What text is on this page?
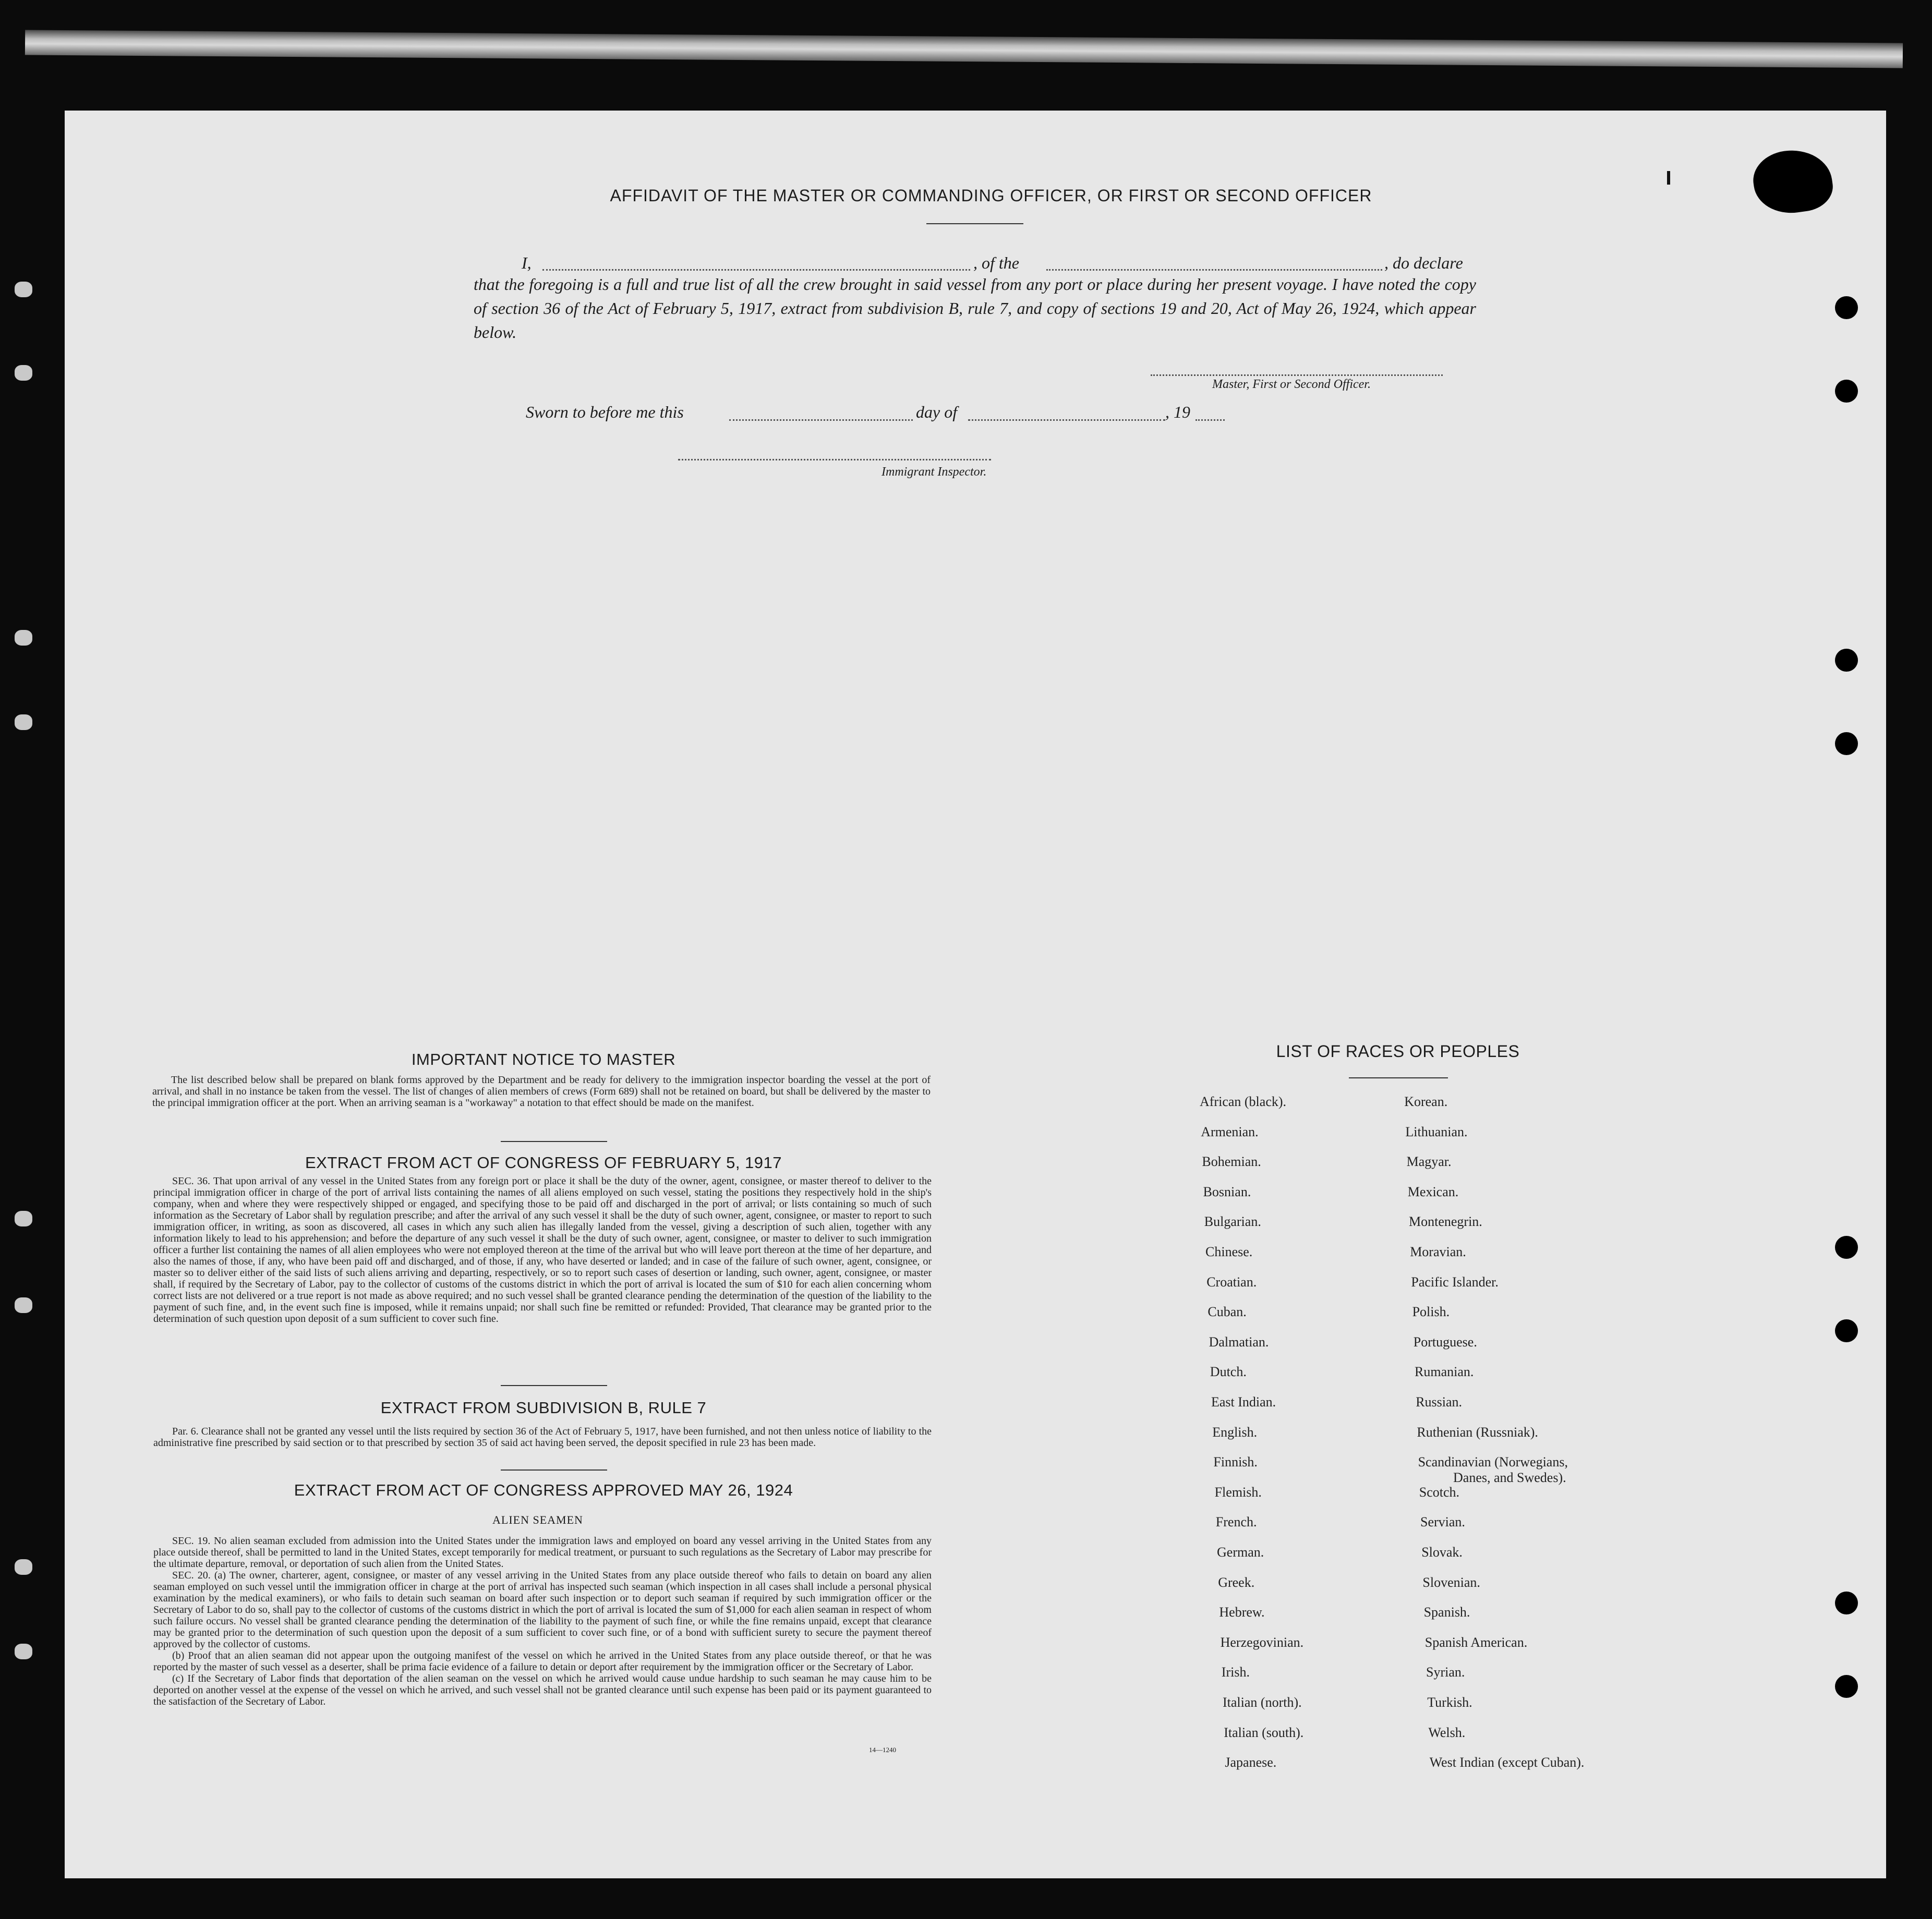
AFFIDAVIT OF THE MASTER OR COMMANDING OFFICER, OR FIRST OR SECOND OFFICER
I,	, of the	, do declare
that the foregoing is a full and true list of all the crew brought in said vessel from any port or place during her present voyage. I have noted the copy of section 36 of the Act of February 5, 1917, extract from subdivision B, rule 7, and copy of sections 19 and 20, Act of May 26, 1924, which appear below.
Master, First or Second Officer.
Sworn to before me this	day of	, 19
Immigrant Inspector.
IMPORTANT NOTICE TO MASTER

The list described below shall be prepared on blank forms approved by the Department and be ready for delivery to the immigration inspector boarding the vessel at the port of arrival, and shall in no instance be taken from the vessel. The list of changes of alien members of crews (Form 689) shall not be retained on board, but shall be delivered by the master to the principal immigration officer at the port. When an arriving seaman is a "workaway" a notation to that effect should be made on the manifest.

EXTRACT FROM ACT OF CONGRESS OF FEBRUARY 5, 1917

SEC. 36. That upon arrival of any vessel in the United States from any foreign port or place it shall be the duty of the owner, agent, consignee, or master thereof to deliver to the principal immigration officer in charge of the port of arrival lists containing the names of all aliens employed on such vessel, stating the positions they respectively hold in the ship's company, when and where they were respectively shipped or engaged, and specifying those to be paid off and discharged in the port of arrival; or lists containing so much of such information as the Secretary of Labor shall by regulation prescribe; and after the arrival of any such vessel it shall be the duty of such owner, agent, consignee, or master to report to such immigration officer, in writing, as soon as discovered, all cases in which any such alien has illegally landed from the vessel, giving a description of such alien, together with any information likely to lead to his apprehension; and before the departure of any such vessel it shall be the duty of such owner, agent, consignee, or master to deliver to such immigration officer a further list containing the names of all alien employees who were not employed thereon at the time of the arrival but who will leave port thereon at the time of her departure, and also the names of those, if any, who have been paid off and discharged, and of those, if any, who have deserted or landed; and in case of the failure of such owner, agent, consignee, or master so to deliver either of the said lists of such aliens arriving and departing, respectively, or so to report such cases of desertion or landing, such owner, agent, consignee, or master shall, if required by the Secretary of Labor, pay to the collector of customs of the customs district in which the port of arrival is located the sum of $10 for each alien concerning whom correct lists are not delivered or a true report is not made as above required; and no such vessel shall be granted clearance pending the determination of the question of the liability to the payment of such fine, and, in the event such fine is imposed, while it remains unpaid; nor shall such fine be remitted or refunded: Provided, That clearance may be granted prior to the determination of such question upon deposit of a sum sufficient to cover such fine.

EXTRACT FROM SUBDIVISION B, RULE 7

Par. 6. Clearance shall not be granted any vessel until the lists required by section 36 of the Act of February 5, 1917, have been furnished, and not then unless notice of liability to the administrative fine prescribed by said section or to that prescribed by section 35 of said act having been served, the deposit specified in rule 23 has been made.

EXTRACT FROM ACT OF CONGRESS APPROVED MAY 26, 1924
ALIEN SEAMEN

SEC. 19. No alien seaman excluded from admission into the United States under the immigration laws and employed on board any vessel arriving in the United States from any place outside thereof, shall be permitted to land in the United States, except temporarily for medical treatment, or pursuant to such regulations as the Secretary of Labor may prescribe for the ultimate departure, removal, or deportation of such alien from the United States.

SEC. 20. (a) The owner, charterer, agent, consignee, or master of any vessel arriving in the United States from any place outside thereof who fails to detain on board any alien seaman employed on such vessel until the immigration officer in charge at the port of arrival has inspected such seaman (which inspection in all cases shall include a personal physical examination by the medical examiners), or who fails to detain such seaman on board after such inspection or to deport such seaman if required by such immigration officer or the Secretary of Labor to do so, shall pay to the collector of customs of the customs district in which the port of arrival is located the sum of $1,000 for each alien seaman in respect of whom such failure occurs. No vessel shall be granted clearance pending the determination of the liability to the payment of such fine, or while the fine remains unpaid, except that clearance may be granted prior to the determination of such question upon the deposit of a sum sufficient to cover such fine, or of a bond with sufficient surety to secure the payment thereof approved by the collector of customs.

(b) Proof that an alien seaman did not appear upon the outgoing manifest of the vessel on which he arrived in the United States from any place outside thereof, or that he was reported by the master of such vessel as a deserter, shall be prima facie evidence of a failure to detain or deport after requirement by the immigration officer or the Secretary of Labor.

(c) If the Secretary of Labor finds that deportation of the alien seaman on the vessel on which he arrived would cause undue hardship to such seaman he may cause him to be deported on another vessel at the expense of the vessel on which he arrived, and such vessel shall not be granted clearance until such expense has been paid or its payment guaranteed to the satisfaction of the Secretary of Labor.

14—1240
LIST OF RACES OR PEOPLES
African (black).
Armenian.
Bohemian.
Bosnian.
Bulgarian.
Chinese.
Croatian.
Cuban.
Dalmatian.
Dutch.
East Indian.
English.
Finnish.
Flemish.
French.
German.
Greek.
Hebrew.
Herzegovinian.
Irish.
Italian (north).
Italian (south).
Japanese.
Korean.
Lithuanian.
Magyar.
Mexican.
Montenegrin.
Moravian.
Pacific Islander.
Polish.
Portuguese.
Rumanian.
Russian.
Ruthenian (Russniak).
Scandinavian (Norwegians,
Danes, and Swedes).
Scotch.
Servian.
Slovak.
Slovenian.
Spanish.
Spanish American.
Syrian.
Turkish.
Welsh.
West Indian (except Cuban).
